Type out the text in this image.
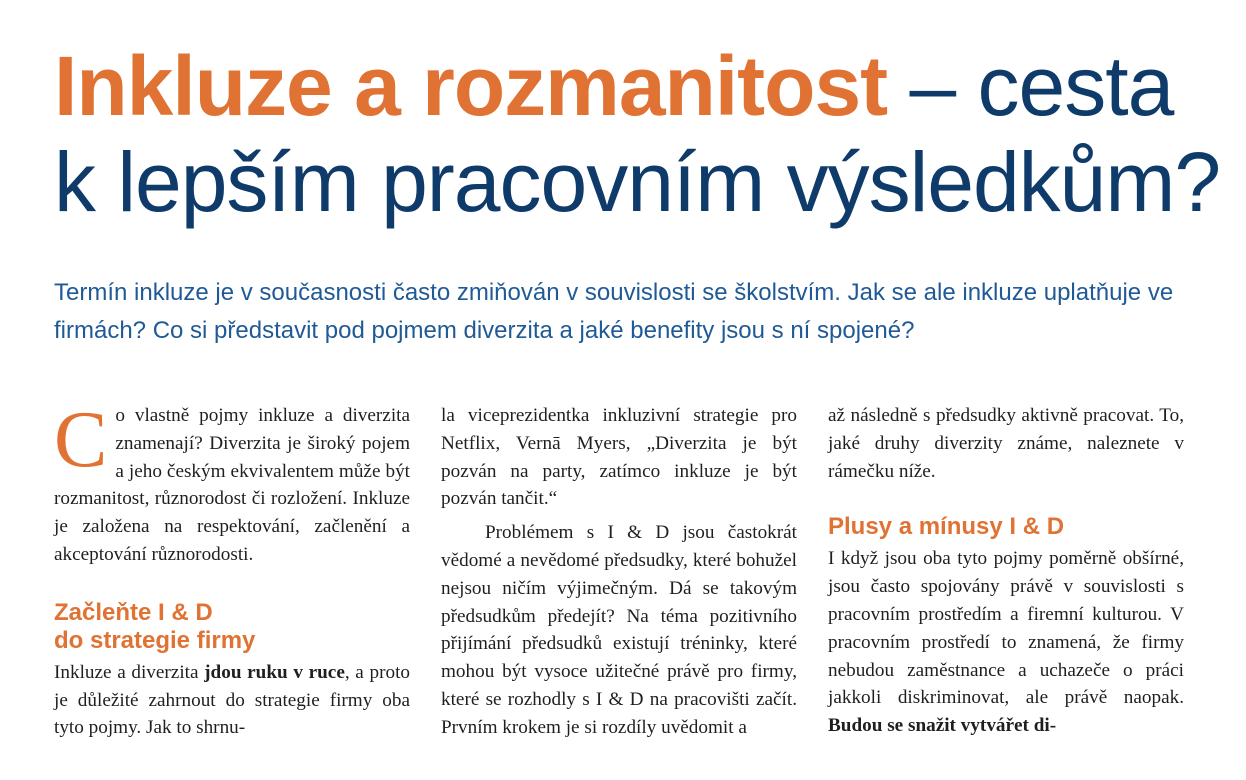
Inkluze a rozmanitost – cesta k lepším pracovním výsledkům?

Termín inkluze je v současnosti často zmiňován v souvislosti se školstvím. Jak se ale inkluze uplatňuje ve firmách? Co si představit pod pojmem diverzita a jaké benefity jsou s ní spojené?

Co vlastně pojmy inkluze a diverzita znamenají? Diverzita je široký pojem a jeho českým ekvivalentem může být rozmanitost, různorodost či rozložení. Inkluze je založena na respektování, začlenění a akceptování různorodosti.

Začleňte I & D
do strategie firmy

Inkluze a diverzita jdou ruku v ruce, a proto je důležité zahrnout do strategie firmy oba tyto pojmy. Jak to shrnu-

la viceprezidentka inkluzivní strategie pro Netflix, Vernā Myers, „Diverzita je být pozván na party, zatímco inkluze je být pozván tančit.“

Problémem s I & D jsou častokrát vědomé a nevědomé předsudky, které bohužel nejsou ničím výjimečným. Dá se takovým předsudkům předejít? Na téma pozitivního přijímání předsudků existují tréninky, které mohou být vysoce užitečné právě pro firmy, které se rozhodly s I & D na pracovišti začít. Prvním krokem je si rozdíly uvědomit a

až následně s předsudky aktivně pracovat. To, jaké druhy diverzity známe, naleznete v rámečku níže.

Plusy a mínusy I & D

I když jsou oba tyto pojmy poměrně obšírné, jsou často spojovány právě v souvislosti s pracovním prostředím a firemní kulturou. V pracovním prostředí to znamená, že firmy nebudou zaměstnance a uchazeče o práci jakkoli diskriminovat, ale právě naopak. Budou se snažit vytvářet di-
